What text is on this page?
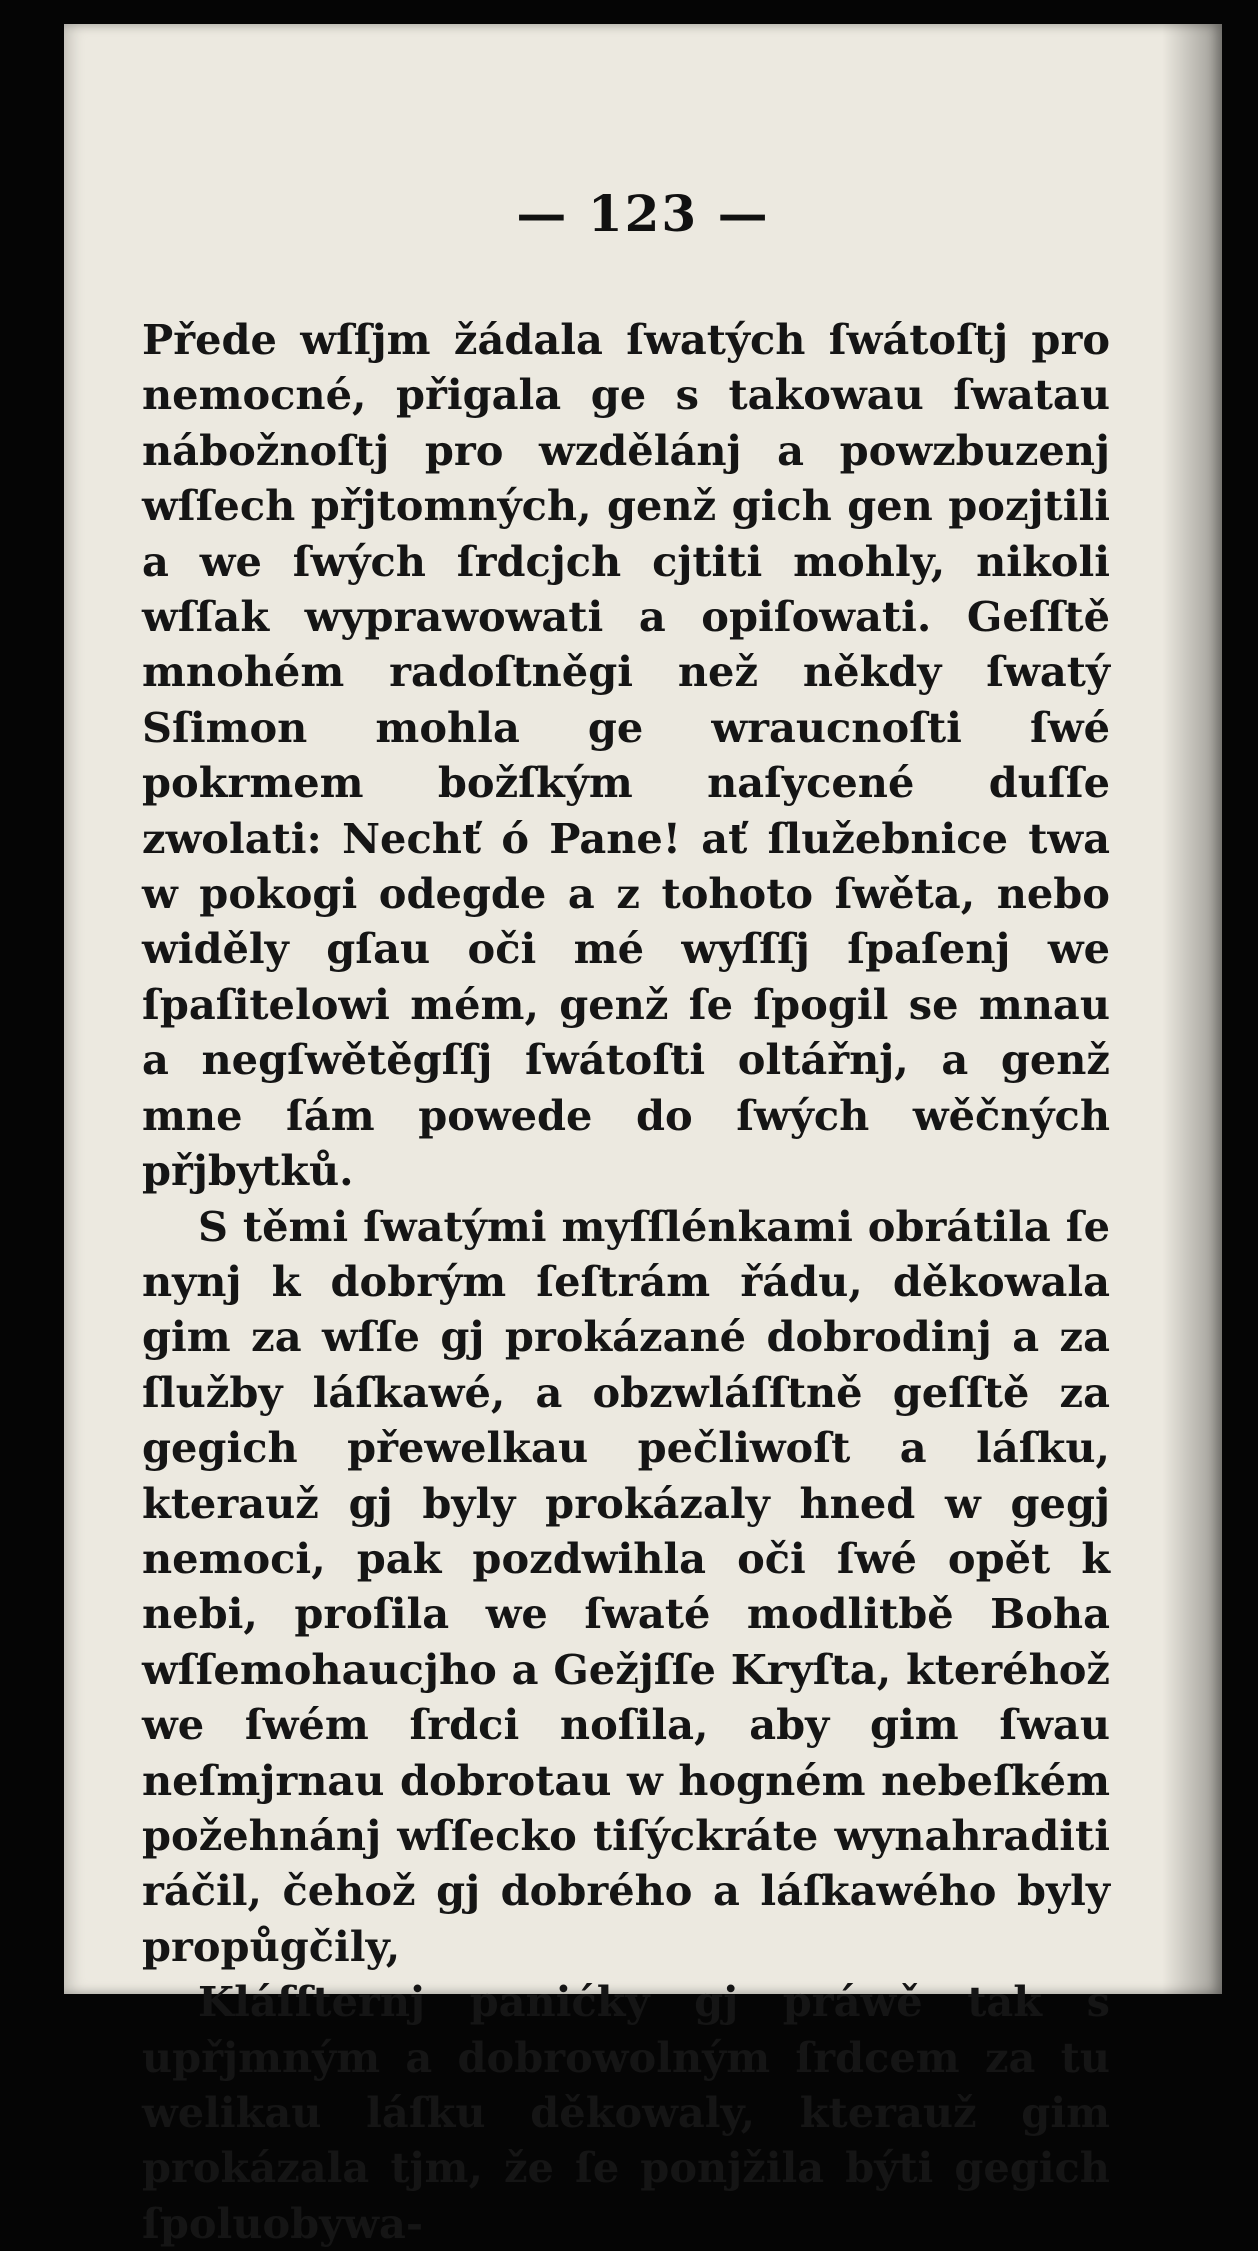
— 123 —

Přede wſſjm žádala ſwatých ſwátoſtj pro nemocné, přigala ge s takowau ſwatau nábožnoſtj pro wzdělánj a powzbuzenj wſſech přjtomných, genž gich gen pozjtili a we ſwých ſrdcjch cjtiti mohly, nikoli wſſak wyprawowati a opiſowati. Geſſtě mnohém radoſtněgi než někdy ſwatý Sſimon mohla ge wraucnoſti ſwé pokrmem božſkým naſycené duſſe zwolati: Nechť ó Pane! ať ſlužebnice twa w pokogi odegde a z tohoto ſwěta, nebo widěly gſau oči mé wyſſſj ſpaſenj we ſpaſitelowi mém, genž ſe ſpogil se mnau a negſwětěgſſj ſwátoſti oltářnj, a genž mne ſám powede do ſwých wěčných přjbytků.

S těmi ſwatými myſſlénkami obrátila ſe nynj k dobrým ſeſtrám řádu, děkowala gim za wſſe gj prokázané dobrodinj a za ſlužby láſkawé, a obzwláſſtně geſſtě za gegich přewelkau pečliwoſt a láſku, kterauž gj byly prokázaly hned w gegj nemoci, pak pozdwihla oči ſwé opět k nebi, proſila we ſwaté modlitbě Boha wſſemohaucjho a Gežjſſe Kryſta, kteréhož we ſwém ſrdci noſila, aby gim ſwau neſmjrnau dobrotau w hogném nebeſkém požehnánj wſſecko tiſýckráte wynahraditi ráčil, čehož gj dobrého a láſkawého byly propůgčily,

Kláſſternj panićky gj práwě tak s upřjmným a dobrowolným ſrdcem za tu welikau láſku děkowaly, kterauž gim prokázala tjm, že ſe ponjžila býti gegich ſpoluobywa-
